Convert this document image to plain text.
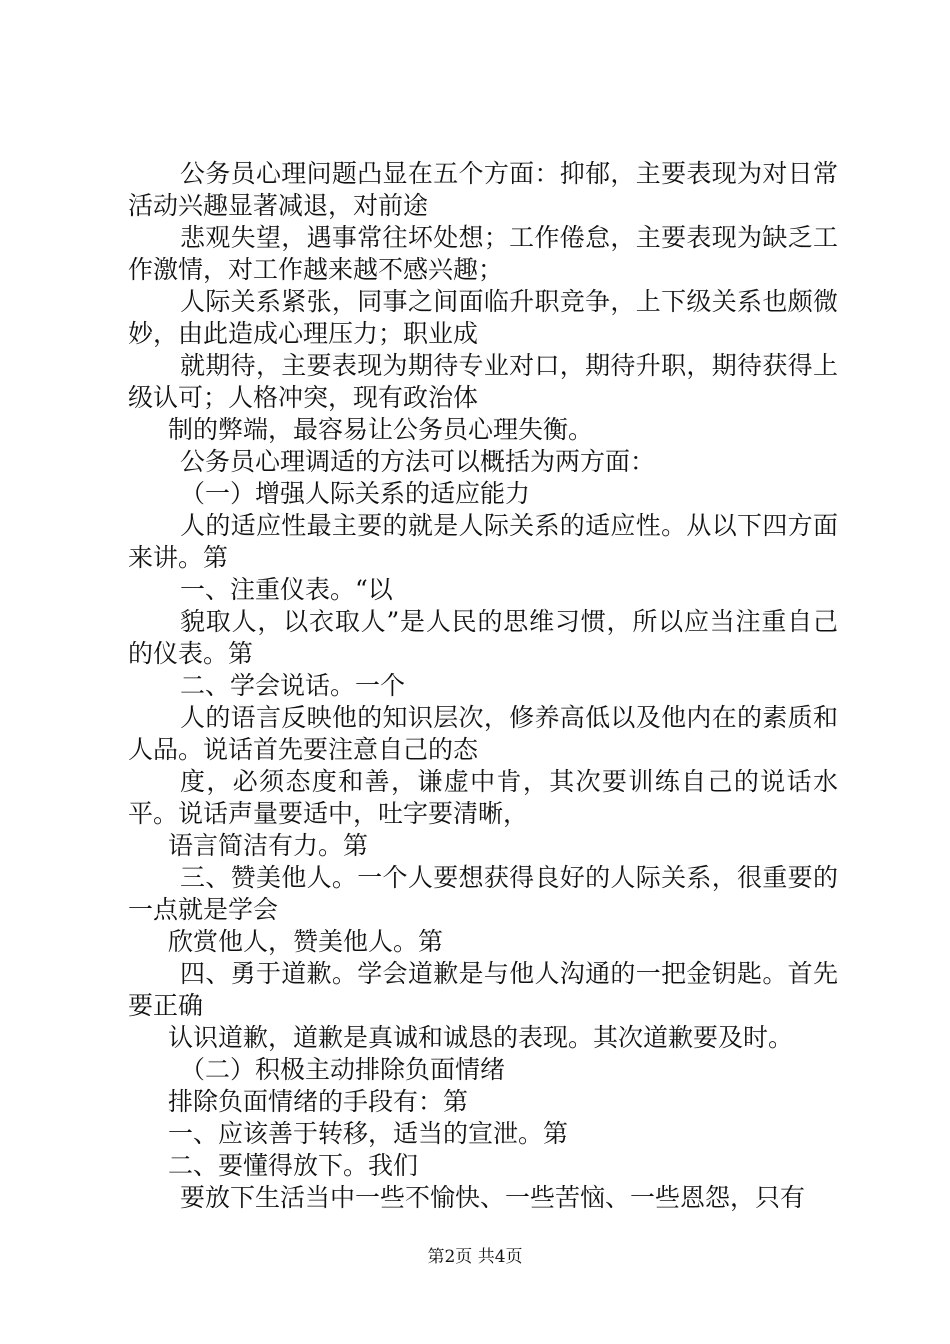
公务员心理问题凸显在五个方面：抑郁，主要表现为对日常活动兴趣显著减退，对前途

悲观失望，遇事常往坏处想；工作倦怠，主要表现为缺乏工作激情，对工作越来越不感兴趣；

人际关系紧张，同事之间面临升职竞争，上下级关系也颇微妙，由此造成心理压力；职业成

就期待，主要表现为期待专业对口，期待升职，期待获得上级认可；人格冲突，现有政治体

制的弊端，最容易让公务员心理失衡。

公务员心理调适的方法可以概括为两方面：

（一）增强人际关系的适应能力

人的适应性最主要的就是人际关系的适应性。从以下四方面来讲。第

一、注重仪表。“以

貌取人，以衣取人”是人民的思维习惯，所以应当注重自己的仪表。第

二、学会说话。一个

人的语言反映他的知识层次，修养高低以及他内在的素质和人品。说话首先要注意自己的态

度，必须态度和善，谦虚中肯，其次要训练自己的说话水平。说话声量要适中，吐字要清晰，

语言简洁有力。第

三、赞美他人。一个人要想获得良好的人际关系，很重要的一点就是学会

欣赏他人，赞美他人。第

四、勇于道歉。学会道歉是与他人沟通的一把金钥匙。首先要正确

认识道歉，道歉是真诚和诚恳的表现。其次道歉要及时。

（二）积极主动排除负面情绪

排除负面情绪的手段有：第

一、应该善于转移，适当的宣泄。第

二、要懂得放下。我们

要放下生活当中一些不愉快、一些苦恼、一些恩怨，只有

第2页 共4页
